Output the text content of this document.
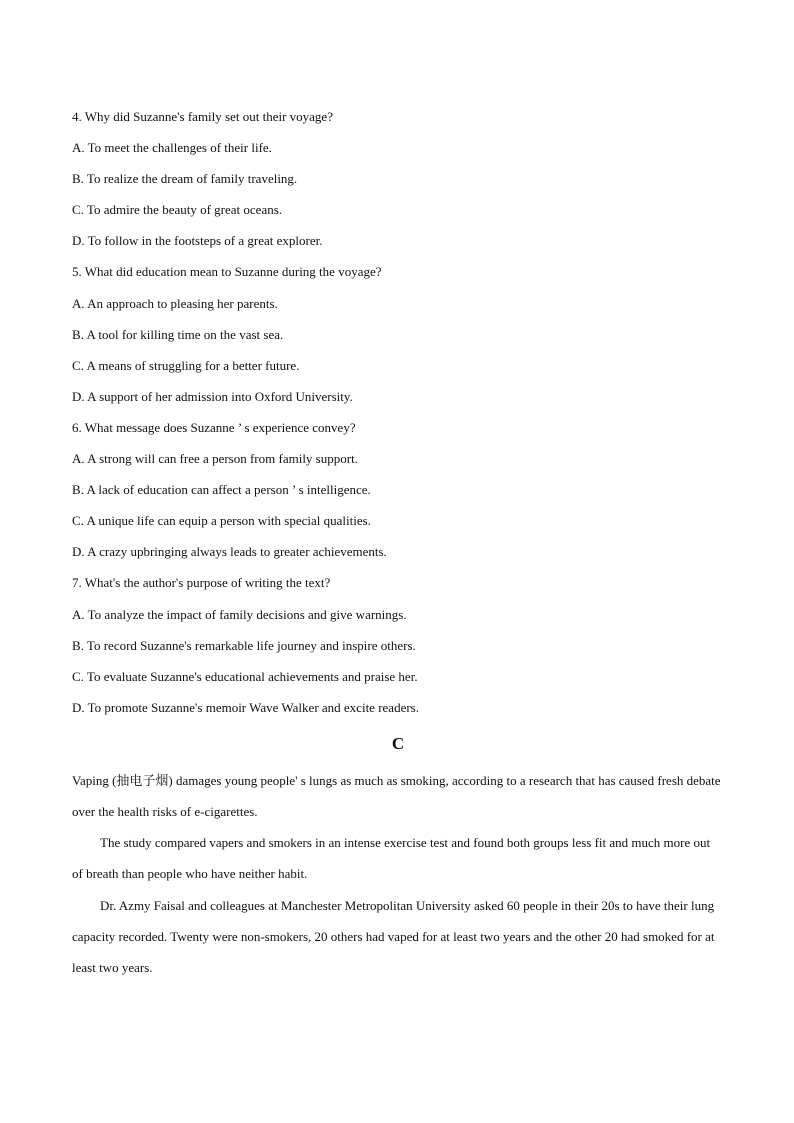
4. Why did Suzanne's family set out their voyage?
A. To meet the challenges of their life.
B. To realize the dream of family traveling.
C. To admire the beauty of great oceans.
D. To follow in the footsteps of a great explorer.
5. What did education mean to Suzanne during the voyage?
A. An approach to pleasing her parents.
B. A tool for killing time on the vast sea.
C. A means of struggling for a better future.
D. A support of her admission into Oxford University.
6. What message does Suzanne ’ s experience convey?
A. A strong will can free a person from family support.
B. A lack of education can affect a person ’ s intelligence.
C. A unique life can equip a person with special qualities.
D. A crazy upbringing always leads to greater achievements.
7. What's the author's purpose of writing the text?
A. To analyze the impact of family decisions and give warnings.
B. To record Suzanne's remarkable life journey and inspire others.
C. To evaluate Suzanne's educational achievements and praise her.
D. To promote Suzanne's memoir Wave Walker and excite readers.
C

Vaping (抽电子烟) damages young people' s lungs as much as smoking, according to a research that has caused fresh debate over the health risks of e-cigarettes.

The study compared vapers and smokers in an intense exercise test and found both groups less fit and much more out of breath than people who have neither habit.

Dr. Azmy Faisal and colleagues at Manchester Metropolitan University asked 60 people in their 20s to have their lung capacity recorded. Twenty were non-smokers, 20 others had vaped for at least two years and the other 20 had smoked for at least two years.
